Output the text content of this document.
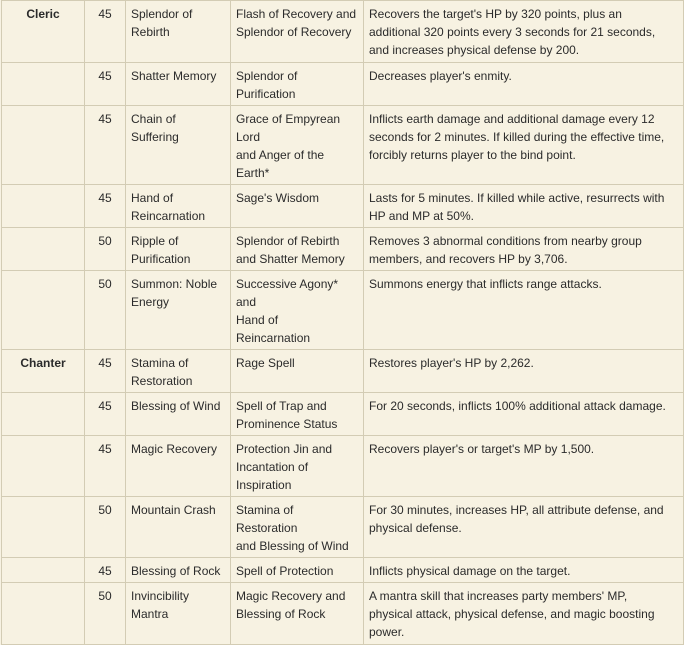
Cleric	45	Splendor of
Rebirth	Flash of Recovery and
Splendor of Recovery	Recovers the target's HP by 320 points, plus an
additional 320 points every 3 seconds for 21 seconds,
and increases physical defense by 200.

	45	Shatter Memory	Splendor of
Purification	Decreases player's enmity.

	45	Chain of
Suffering	Grace of Empyrean
Lord
and Anger of the
Earth*	Inflicts earth damage and additional damage every 12
seconds for 2 minutes. If killed during the effective time,
forcibly returns player to the bind point.

	45	Hand of
Reincarnation	Sage's Wisdom	Lasts for 5 minutes. If killed while active, resurrects with
HP and MP at 50%.

	50	Ripple of
Purification	Splendor of Rebirth
and Shatter Memory	Removes 3 abnormal conditions from nearby group
members, and recovers HP by 3,706.

	50	Summon: Noble
Energy	Successive Agony*
and
Hand of
Reincarnation	Summons energy that inflicts range attacks.

Chanter	45	Stamina of
Restoration	Rage Spell	Restores player's HP by 2,262.

	45	Blessing of Wind	Spell of Trap and
Prominence Status	For 20 seconds, inflicts 100% additional attack damage.

	45	Magic Recovery	Protection Jin and
Incantation of
Inspiration	Recovers player's or target's MP by 1,500.

	50	Mountain Crash	Stamina of
Restoration
and Blessing of Wind	For 30 minutes, increases HP, all attribute defense, and
physical defense.

	45	Blessing of Rock	Spell of Protection	Inflicts physical damage on the target.

	50	Invincibility
Mantra	Magic Recovery and
Blessing of Rock	A mantra skill that increases party members' MP,
physical attack, physical defense, and magic boosting
power.
